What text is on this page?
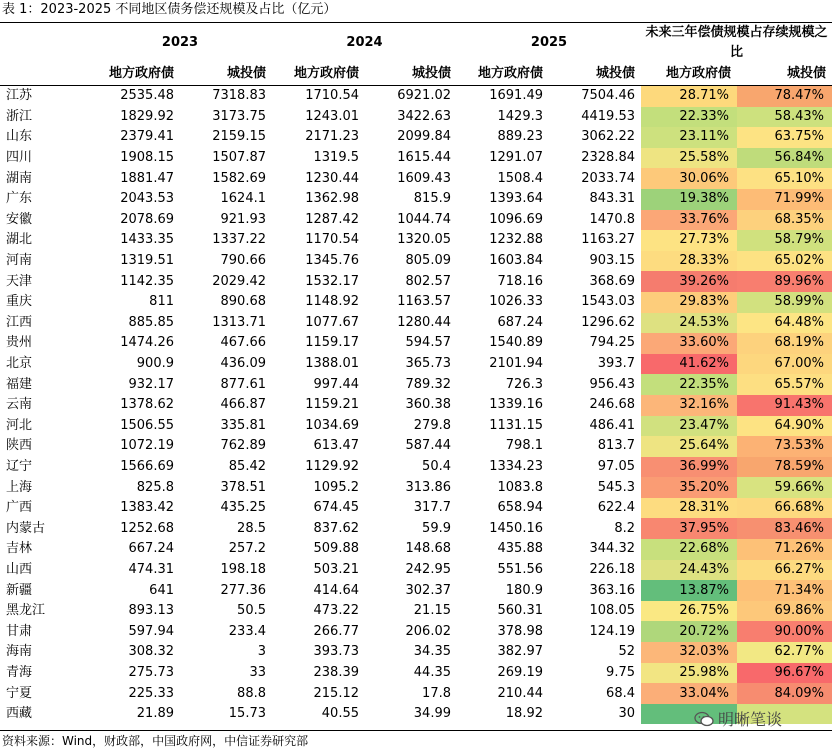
表 1：2023-2025 不同地区债务偿还规模及占比（亿元）
	2023		2024		2025		未来三年偿债规模占存续规模之比	
	地方政府债	城投债	地方政府债	城投债	地方政府债	城投债	地方政府债	城投债
江苏	2535.48	7318.83	1710.54	6921.02	1691.49	7504.46	28.71%	78.47%
浙江	1829.92	3173.75	1243.01	3422.63	1429.3	4419.53	22.33%	58.43%
山东	2379.41	2159.15	2171.23	2099.84	889.23	3062.22	23.11%	63.75%
四川	1908.15	1507.87	1319.5	1615.44	1291.07	2328.84	25.58%	56.84%
湖南	1881.47	1582.69	1230.44	1609.43	1508.4	2033.74	30.06%	65.10%
广东	2043.53	1624.1	1362.98	815.9	1393.64	843.31	19.38%	71.99%
安徽	2078.69	921.93	1287.42	1044.74	1096.69	1470.8	33.76%	68.35%
湖北	1433.35	1337.22	1170.54	1320.05	1232.88	1163.27	27.73%	58.79%
河南	1319.51	790.66	1345.76	805.09	1603.84	903.15	28.33%	65.02%
天津	1142.35	2029.42	1532.17	802.57	718.16	368.69	39.26%	89.96%
重庆	811	890.68	1148.92	1163.57	1026.33	1543.03	29.83%	58.99%
江西	885.85	1313.71	1077.67	1280.44	687.24	1296.62	24.53%	64.48%
贵州	1474.26	467.66	1159.17	594.57	1540.89	794.25	33.60%	68.19%
北京	900.9	436.09	1388.01	365.73	2101.94	393.7	41.62%	67.00%
福建	932.17	877.61	997.44	789.32	726.3	956.43	22.35%	65.57%
云南	1378.62	466.87	1159.21	360.38	1339.16	246.68	32.16%	91.43%
河北	1506.55	335.81	1034.69	279.8	1131.15	486.41	23.47%	64.90%
陕西	1072.19	762.89	613.47	587.44	798.1	813.7	25.64%	73.53%
辽宁	1566.69	85.42	1129.92	50.4	1334.23	97.05	36.99%	78.59%
上海	825.8	378.51	1095.2	313.86	1083.8	545.3	35.20%	59.66%
广西	1383.42	435.25	674.45	317.7	658.94	622.4	28.31%	66.68%
内蒙古	1252.68	28.5	837.62	59.9	1450.16	8.2	37.95%	83.46%
吉林	667.24	257.2	509.88	148.68	435.88	344.32	22.68%	71.26%
山西	474.31	198.18	503.21	242.95	551.56	226.18	24.43%	66.27%
新疆	641	277.36	414.64	302.37	180.9	363.16	13.87%	71.34%
黑龙江	893.13	50.5	473.22	21.15	560.31	108.05	26.75%	69.86%
甘肃	597.94	233.4	266.77	206.02	378.98	124.19	20.72%	90.00%
海南	308.32	3	393.73	34.35	382.97	52	32.03%	62.77%
青海	275.73	33	238.39	44.35	269.19	9.75	25.98%	96.67%
宁夏	225.33	88.8	215.12	17.8	210.44	68.4	33.04%	84.09%
西藏	21.89	15.73	40.55	34.99	18.92	30		
资料来源：Wind，财政部，中国政府网，中信证券研究部
明晰笔谈
